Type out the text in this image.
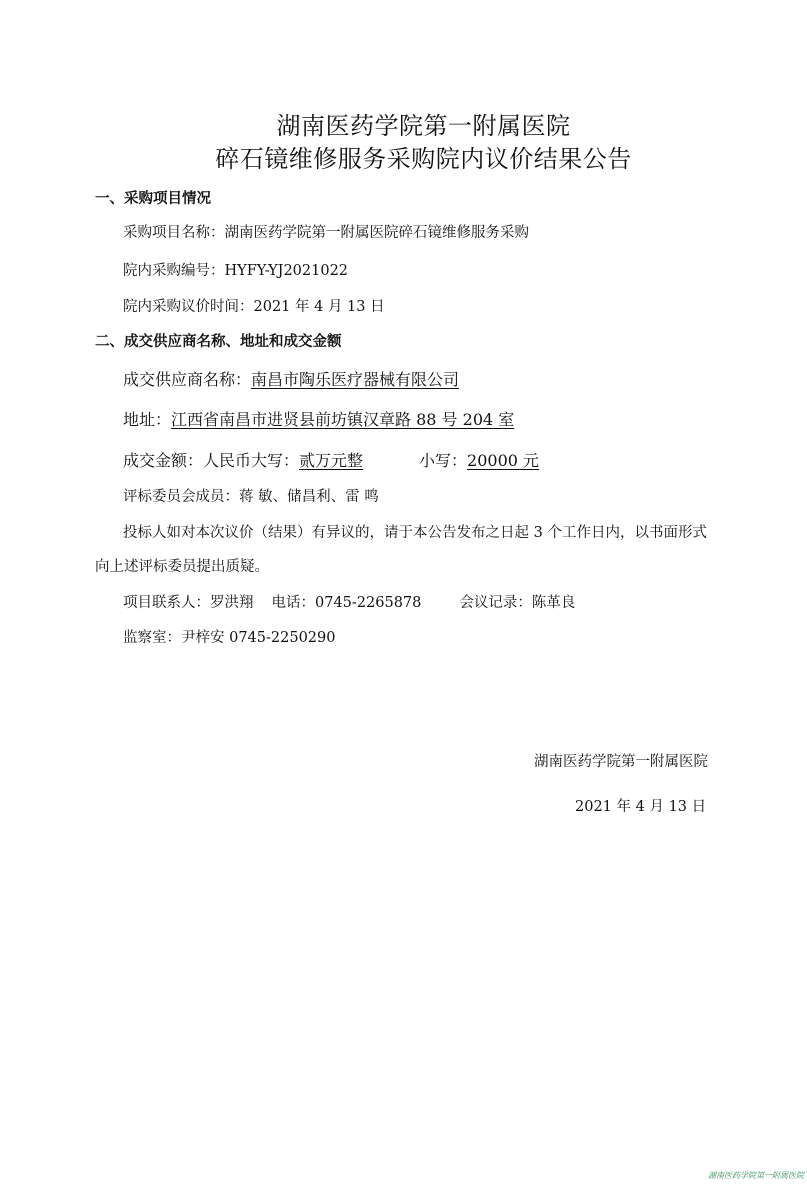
湖南医药学院第一附属医院
碎石镜维修服务采购院内议价结果公告
一、采购项目情况
采购项目名称：湖南医药学院第一附属医院碎石镜维修服务采购
院内采购编号：HYFY-YJ2021022
院内采购议价时间：2021 年 4 月 13 日
二、成交供应商名称、地址和成交金额
成交供应商名称：南昌市陶乐医疗器械有限公司
地址：江西省南昌市进贤县前坊镇汉章路 88 号 204 室
成交金额：人民币大写：贰万元整	小写：20000 元
评标委员会成员：蒋 敏、储昌利、雷 鸣
投标人如对本次议价（结果）有异议的，请于本公告发布之日起 3 个工作日内，以书面形式
向上述评标委员提出质疑。
项目联系人：罗洪翔 电话：0745-2265878	会议记录：陈革良
监察室：尹梓安 0745-2250290
湖南医药学院第一附属医院
2021 年 4 月 13 日
湖南医药学院第一附属医院
